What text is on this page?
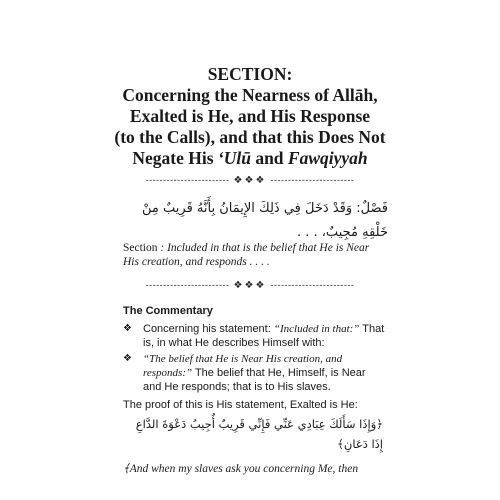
SECTION:
Concerning the Nearness of Allāh,
Exalted is He, and His Response
(to the Calls), and that this Does Not
Negate His ‘Ulū and Fawqiyyah
------------------------ ❖❖❖ ------------------------
فَصْلٌ: وَقَدْ دَخَلَ فِي ذَلِكَ الإِيمَانُ بِأَنَّهُ قَرِيبٌ مِنْ خَلْقِهِ مُجِيبٌ، . . .
Section : Included in that is the belief that He is Near His creation, and responds . . . .
------------------------ ❖❖❖ ------------------------
The Commentary
❖ Concerning his statement: “Included in that:” That is, in what He describes Himself with:
❖ “The belief that He is Near His creation, and responds:” The belief that He, Himself, is Near and He responds; that is to His slaves.
The proof of this is His statement, Exalted is He:
﴿وَإِذَا سَأَلَكَ عِبَادِي عَنِّي فَإِنِّي قَرِيبٌ أُجِيبُ دَعْوَةَ الدَّاعِ إِذَا دَعَانِ﴾
﴾And when my slaves ask you concerning Me, then
